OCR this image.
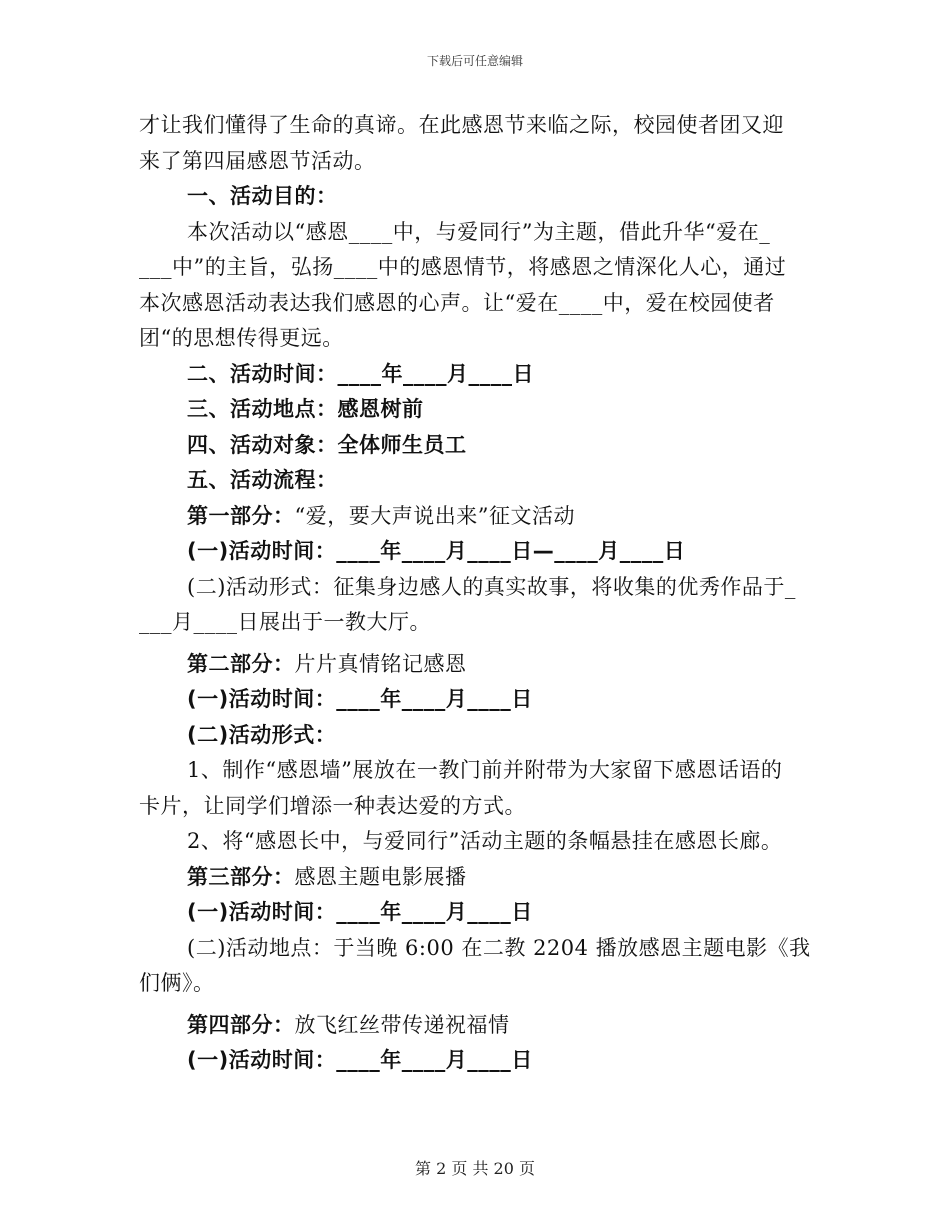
下载后可任意编辑
才让我们懂得了生命的真谛。在此感恩节来临之际，校园使者团又迎
来了第四届感恩节活动。
一、活动目的：
本次活动以“感恩____中，与爱同行”为主题，借此升华“爱在_
___中”的主旨，弘扬____中的感恩情节，将感恩之情深化人心，通过
本次感恩活动表达我们感恩的心声。让“爱在____中，爱在校园使者
团“的思想传得更远。
二、活动时间：____年____月____日
三、活动地点：感恩树前
四、活动对象：全体师生员工
五、活动流程：
第一部分：“爱，要大声说出来”征文活动
(一)活动时间：____年____月____日—____月____日
(二)活动形式：征集身边感人的真实故事，将收集的优秀作品于_
___月____日展出于一教大厅。
第二部分：片片真情铭记感恩
(一)活动时间：____年____月____日
(二)活动形式：
1、制作“感恩墙”展放在一教门前并附带为大家留下感恩话语的
卡片，让同学们增添一种表达爱的方式。
2、将“感恩长中，与爱同行”活动主题的条幅悬挂在感恩长廊。
第三部分：感恩主题电影展播
(一)活动时间：____年____月____日
(二)活动地点：于当晚 6:00 在二教 2204 播放感恩主题电影《我
们俩》。
第四部分：放飞红丝带传递祝福情
(一)活动时间：____年____月____日
第 2 页 共 20 页
